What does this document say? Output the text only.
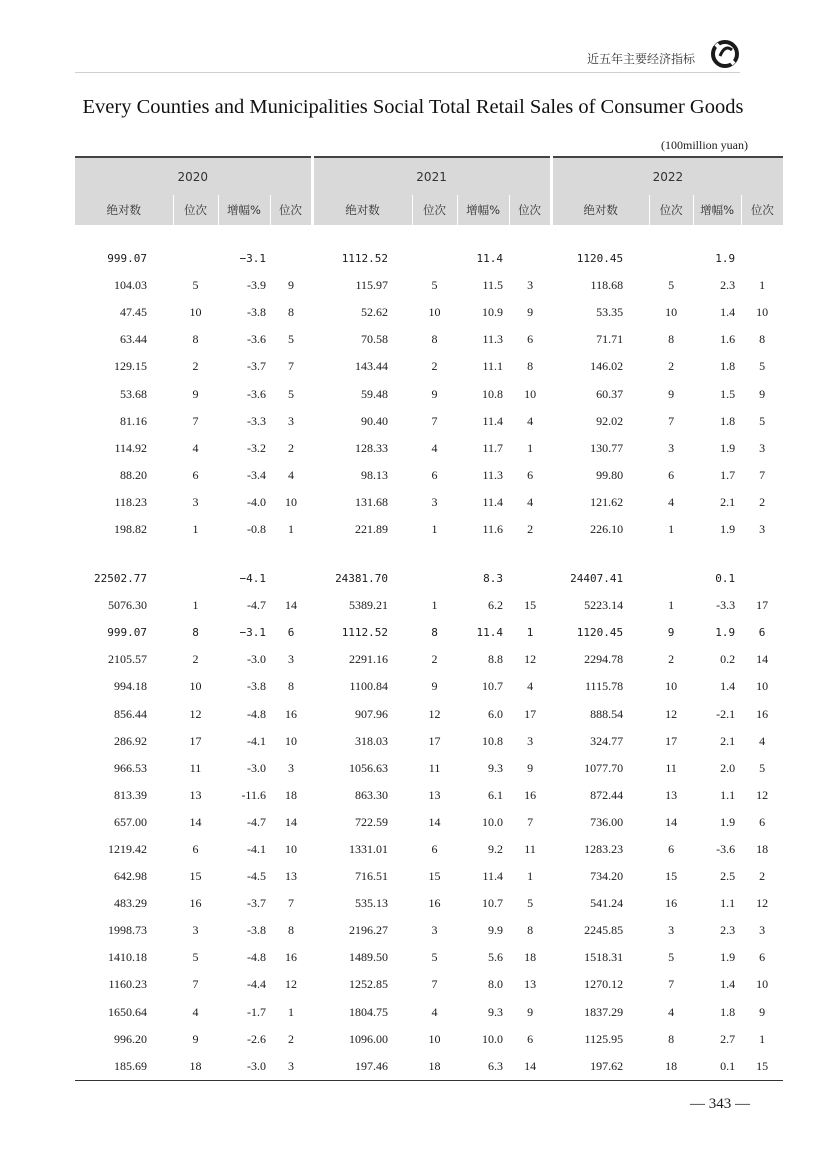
近五年主要经济指标
Every Counties and Municipalities Social Total Retail Sales of Consumer Goods
(100million yuan)
2020				2021				2022			
绝对数	位次	增幅%	位次	绝对数	位次	增幅%	位次	绝对数	位次	增幅%	位次

999.07		−3.1		1112.52		11.4		1120.45		1.9	
104.03	5	-3.9	9	115.97	5	11.5	3	118.68	5	2.3	1
47.45	10	-3.8	8	52.62	10	10.9	9	53.35	10	1.4	10
63.44	8	-3.6	5	70.58	8	11.3	6	71.71	8	1.6	8
129.15	2	-3.7	7	143.44	2	11.1	8	146.02	2	1.8	5
53.68	9	-3.6	5	59.48	9	10.8	10	60.37	9	1.5	9
81.16	7	-3.3	3	90.40	7	11.4	4	92.02	7	1.8	5
114.92	4	-3.2	2	128.33	4	11.7	1	130.77	3	1.9	3
88.20	6	-3.4	4	98.13	6	11.3	6	99.80	6	1.7	7
118.23	3	-4.0	10	131.68	3	11.4	4	121.62	4	2.1	2
198.82	1	-0.8	1	221.89	1	11.6	2	226.10	1	1.9	3

22502.77		−4.1		24381.70		8.3		24407.41		0.1	
5076.30	1	-4.7	14	5389.21	1	6.2	15	5223.14	1	-3.3	17
999.07	8	−3.1	6	1112.52	8	11.4	1	1120.45	9	1.9	6
2105.57	2	-3.0	3	2291.16	2	8.8	12	2294.78	2	0.2	14
994.18	10	-3.8	8	1100.84	9	10.7	4	1115.78	10	1.4	10
856.44	12	-4.8	16	907.96	12	6.0	17	888.54	12	-2.1	16
286.92	17	-4.1	10	318.03	17	10.8	3	324.77	17	2.1	4
966.53	11	-3.0	3	1056.63	11	9.3	9	1077.70	11	2.0	5
813.39	13	-11.6	18	863.30	13	6.1	16	872.44	13	1.1	12
657.00	14	-4.7	14	722.59	14	10.0	7	736.00	14	1.9	6
1219.42	6	-4.1	10	1331.01	6	9.2	11	1283.23	6	-3.6	18
642.98	15	-4.5	13	716.51	15	11.4	1	734.20	15	2.5	2
483.29	16	-3.7	7	535.13	16	10.7	5	541.24	16	1.1	12
1998.73	3	-3.8	8	2196.27	3	9.9	8	2245.85	3	2.3	3
1410.18	5	-4.8	16	1489.50	5	5.6	18	1518.31	5	1.9	6
1160.23	7	-4.4	12	1252.85	7	8.0	13	1270.12	7	1.4	10
1650.64	4	-1.7	1	1804.75	4	9.3	9	1837.29	4	1.8	9
996.20	9	-2.6	2	1096.00	10	10.0	6	1125.95	8	2.7	1
185.69	18	-3.0	3	197.46	18	6.3	14	197.62	18	0.1	15
— 343 —
